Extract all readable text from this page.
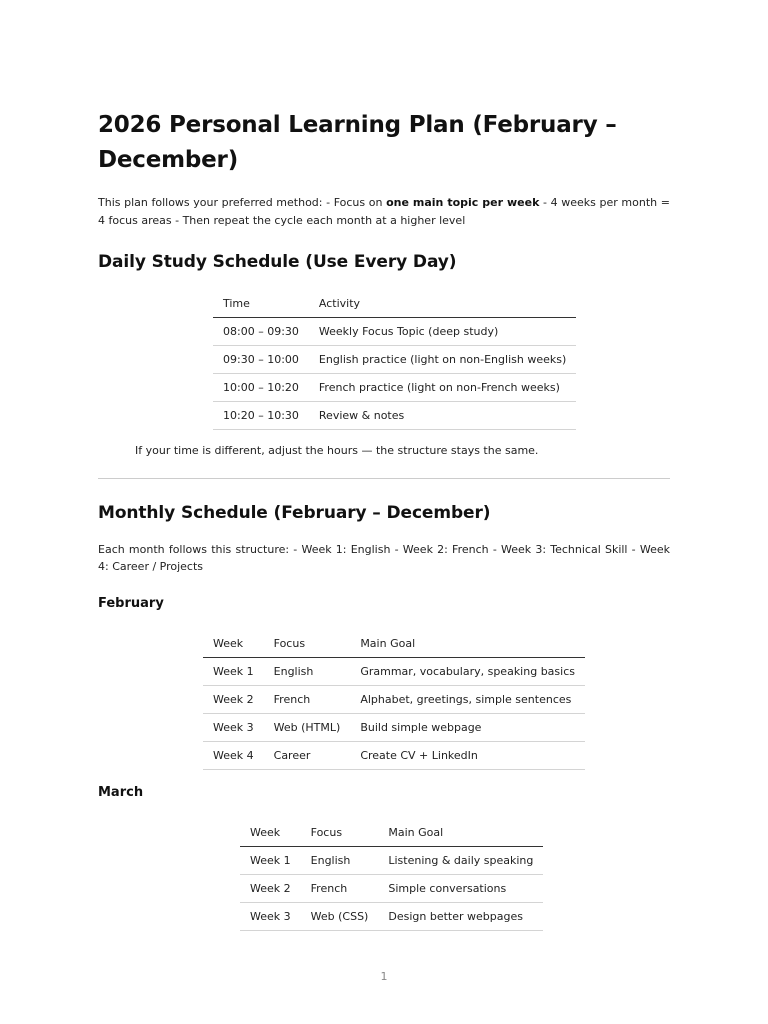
2026 Personal Learning Plan (February – December)

This plan follows your preferred method: - Focus on one main topic per week - 4 weeks per month = 4 focus areas - Then repeat the cycle each month at a higher level

Daily Study Schedule (Use Every Day)
Time	Activity
08:00 – 09:30	Weekly Focus Topic (deep study)
09:30 – 10:00	English practice (light on non-English weeks)
10:00 – 10:20	French practice (light on non-French weeks)
10:20 – 10:30	Review & notes

If your time is different, adjust the hours — the structure stays the same.

Monthly Schedule (February – December)

Each month follows this structure: - Week 1: English - Week 2: French - Week 3: Technical Skill - Week 4: Career / Projects

February
Week	Focus	Main Goal
Week 1	English	Grammar, vocabulary, speaking basics
Week 2	French	Alphabet, greetings, simple sentences
Week 3	Web (HTML)	Build simple webpage
Week 4	Career	Create CV + LinkedIn
March
Week	Focus	Main Goal
Week 1	English	Listening & daily speaking
Week 2	French	Simple conversations
Week 3	Web (CSS)	Design better webpages
1
